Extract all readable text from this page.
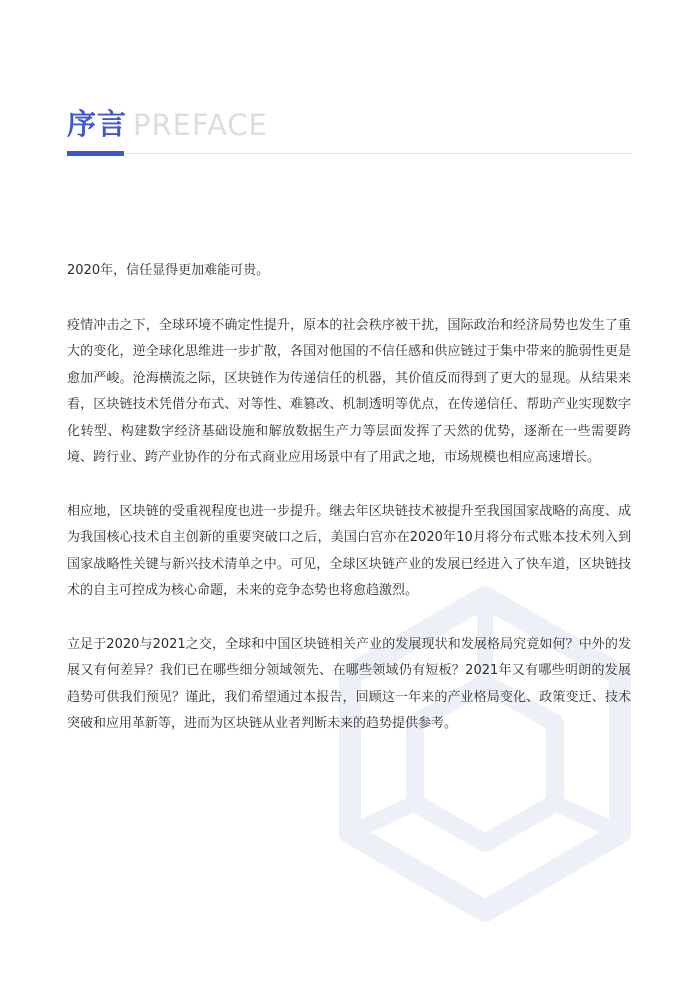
序言 PREFACE

2020年，信任显得更加难能可贵。

疫情冲击之下，全球环境不确定性提升，原本的社会秩序被干扰，国际政治和经济局势也发生了重大的变化，逆全球化思维进一步扩散，各国对他国的不信任感和供应链过于集中带来的脆弱性更是愈加严峻。沧海横流之际，区块链作为传递信任的机器，其价值反而得到了更大的显现。从结果来看，区块链技术凭借分布式、对等性、难篡改、机制透明等优点，在传递信任、帮助产业实现数字化转型、构建数字经济基础设施和解放数据生产力等层面发挥了天然的优势，逐渐在一些需要跨境、跨行业、跨产业协作的分布式商业应用场景中有了用武之地，市场规模也相应高速增长。

相应地，区块链的受重视程度也进一步提升。继去年区块链技术被提升至我国国家战略的高度、成为我国核心技术自主创新的重要突破口之后，美国白宫亦在2020年10月将分布式账本技术列入到国家战略性关键与新兴技术清单之中。可见，全球区块链产业的发展已经进入了快车道，区块链技术的自主可控成为核心命题，未来的竞争态势也将愈趋激烈。

立足于2020与2021之交，全球和中国区块链相关产业的发展现状和发展格局究竟如何？中外的发展又有何差异？我们已在哪些细分领域领先、在哪些领域仍有短板？2021年又有哪些明朗的发展趋势可供我们预见？谨此，我们希望通过本报告，回顾这一年来的产业格局变化、政策变迁、技术突破和应用革新等，进而为区块链从业者判断未来的趋势提供参考。
